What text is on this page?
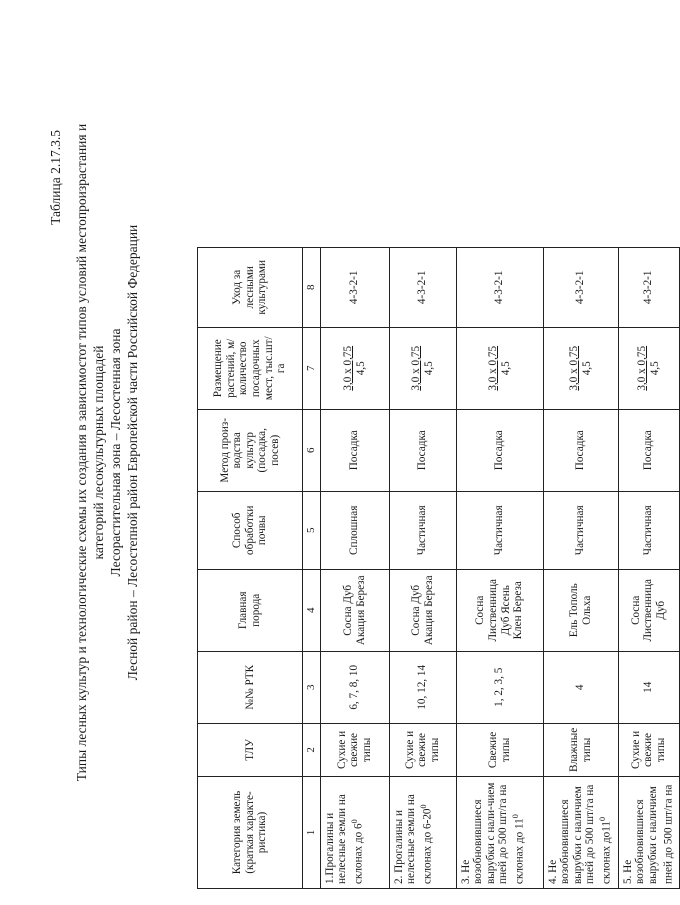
Таблица 2.17.3.5 Типы лесных культур и технологические схемы их создания в зависимостот типов условий местопроизрастания и категорий лесокультурных площадей Лесорастительная зона – Лесостенная зона Лесной район – Лесостепной район Европейской части Российской Федерации
Категория земель (краткая характе-ристика)	ТЛУ	№№ РТК	Главная порода	Способ обработки почвы	Метод произ-водства культур (посадка, посев)	Размещение растений, м/количество посадочных мест, тыс.шт/га	Уход за лесными культурами
1	2	3	4	5	6	7	8
1.Прогалины и нелесные земли на склонах до $6^0$	Сухие и свежие типы	6, 7, 8, 10	Сосна Дуб Акация Береза	Сплошная	Посадка	3,0 х 0,75 4,5	4-3-2-1
2. Прогалины и нелесные земли на склонах до $6-20^0$	Сухие и свежие типы	10, 12, 14	Сосна Дуб Акация Береза	Частичная	Посадка	3,0 х 0,75 4,5	4-3-2-1
3. Не возобновившиеся вырубки с нали-чием пней до 500 шт/га на склонах до $11^0$	Свежие типы	1, 2, 3, 5	Сосна Лиственница Дуб Ясень Клен Береза	Частичная	Посадка	3,0 х 0,75 4,5	4-3-2-1
4. Не возобновившиеся вырубки с наличием пней до 500 шт/га на склонах $до11^0$	Влажные типы	4	Ель Тополь Ольха	Частичная	Посадка	3,0 х 0,75 4,5	4-3-2-1
5. Не возобновившиеся вырубки с наличием пней до 500 шт/га на	Сухие и свежие типы	14	Сосна Лиственница Дуб	Частичная	Посадка	3,0 х 0,75 4,5	4-3-2-1
